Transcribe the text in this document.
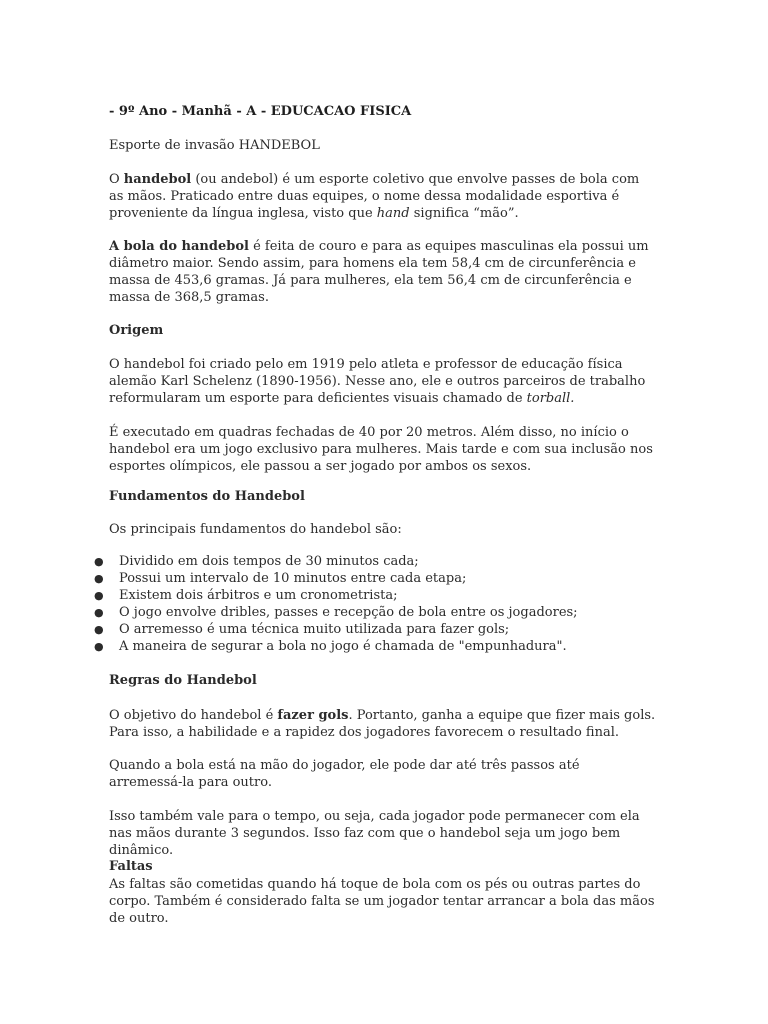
- 9º Ano - Manhã - A - EDUCACAO FISICA

Esporte de invasão HANDEBOL

O handebol (ou andebol) é um esporte coletivo que envolve passes de bola com as mãos. Praticado entre duas equipes, o nome dessa modalidade esportiva é proveniente da língua inglesa, visto que hand significa “mão”.

A bola do handebol é feita de couro e para as equipes masculinas ela possui um diâmetro maior. Sendo assim, para homens ela tem 58,4 cm de circunferência e massa de 453,6 gramas. Já para mulheres, ela tem 56,4 cm de circunferência e massa de 368,5 gramas.

Origem

O handebol foi criado pelo em 1919 pelo atleta e professor de educação física alemão Karl Schelenz (1890-1956). Nesse ano, ele e outros parceiros de trabalho reformularam um esporte para deficientes visuais chamado de torball.

É executado em quadras fechadas de 40 por 20 metros. Além disso, no início o handebol era um jogo exclusivo para mulheres. Mais tarde e com sua inclusão nos esportes olímpicos, ele passou a ser jogado por ambos os sexos.

Fundamentos do Handebol

Os principais fundamentos do handebol são:

● Dividido em dois tempos de 30 minutos cada;
● Possui um intervalo de 10 minutos entre cada etapa;
● Existem dois árbitros e um cronometrista;
● O jogo envolve dribles, passes e recepção de bola entre os jogadores;
● O arremesso é uma técnica muito utilizada para fazer gols;
● A maneira de segurar a bola no jogo é chamada de "empunhadura".

Regras do Handebol

O objetivo do handebol é fazer gols. Portanto, ganha a equipe que fizer mais gols. Para isso, a habilidade e a rapidez dos jogadores favorecem o resultado final.

Quando a bola está na mão do jogador, ele pode dar até três passos até arremessá-la para outro.

Isso também vale para o tempo, ou seja, cada jogador pode permanecer com ela nas mãos durante 3 segundos. Isso faz com que o handebol seja um jogo bem dinâmico.

Faltas

As faltas são cometidas quando há toque de bola com os pés ou outras partes do corpo. Também é considerado falta se um jogador tentar arrancar a bola das mãos de outro.
